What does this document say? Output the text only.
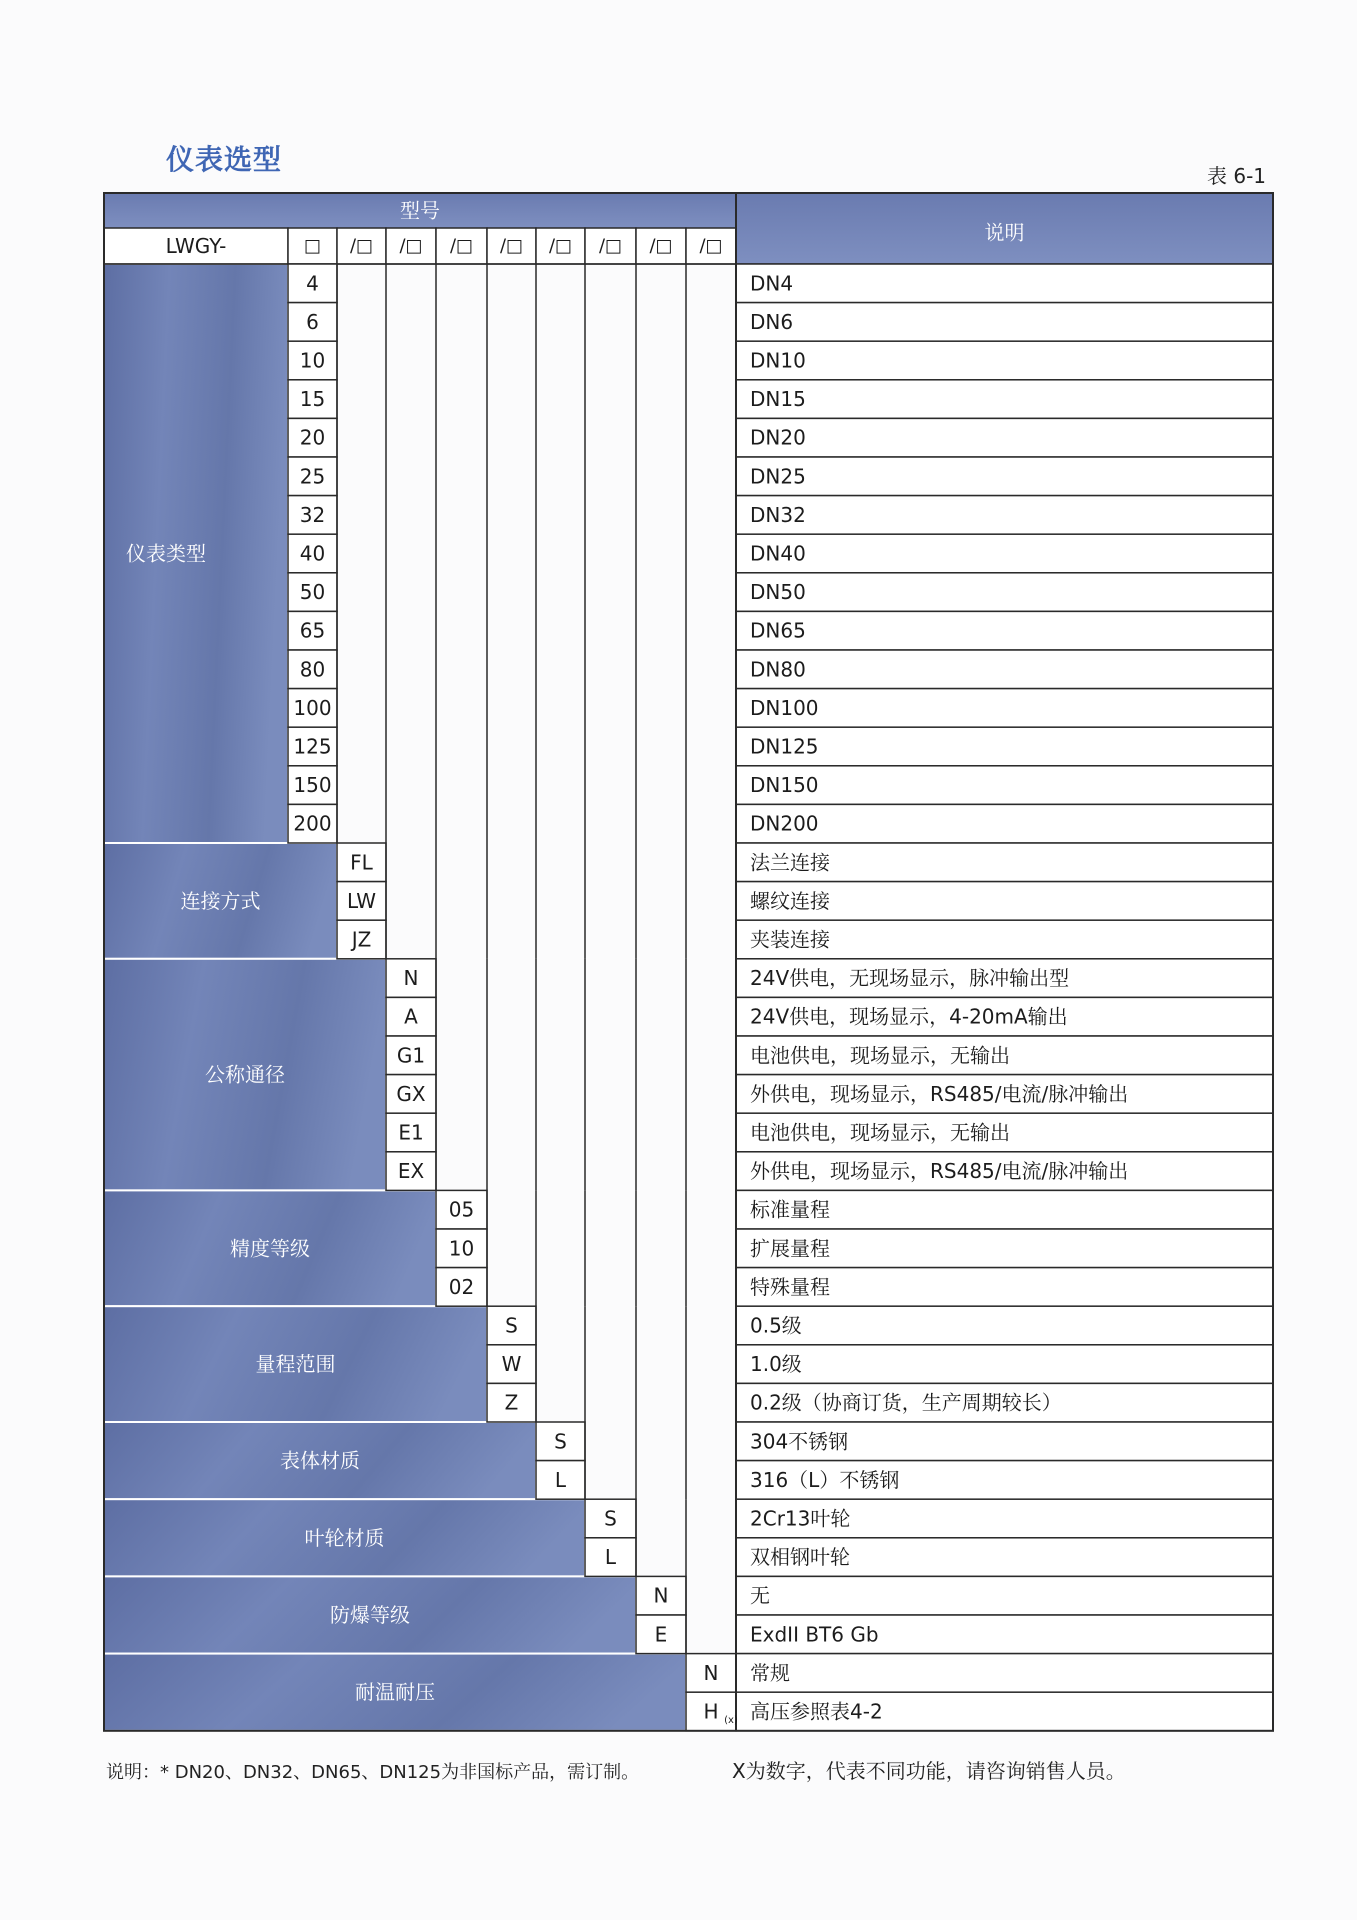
仪表选型	表 6-1
型号
说明
LWGY-	□ /□ /□ /□ /□ /□ /□ /□ /□
仪表类型
4	DN4
6	DN6
10	DN10
15	DN15
20	DN20
25	DN25
32	DN32
40	DN40
50	DN50
65	DN65
80	DN80
100	DN100
125	DN125
150	DN150
200	DN200
连接方式
FL	法兰连接
LW	螺纹连接
JZ	夹装连接
公称通径
N	24V供电，无现场显示，脉冲输出型
A	24V供电，现场显示，4-20mA输出
G1	电池供电，现场显示，无输出
GX	外供电，现场显示，RS485/电流/脉冲输出
E1	电池供电，现场显示，无输出
EX	外供电，现场显示，RS485/电流/脉冲输出
精度等级
05	标准量程
10	扩展量程
02	特殊量程
量程范围
S	0.5级
W	1.0级
Z	0.2级（协商订货，生产周期较长）
表体材质
S	304不锈钢
L	316（L）不锈钢
叶轮材质
S	2Cr13叶轮
L	双相钢叶轮
防爆等级
N	无
E	ExdII BT6 Gb
耐温耐压
N 常规
H (x) 高压参照表4-2
说明：* DN20、DN32、DN65、DN125为非国标产品，需订制。	X为数字，代表不同功能，请咨询销售人员。
